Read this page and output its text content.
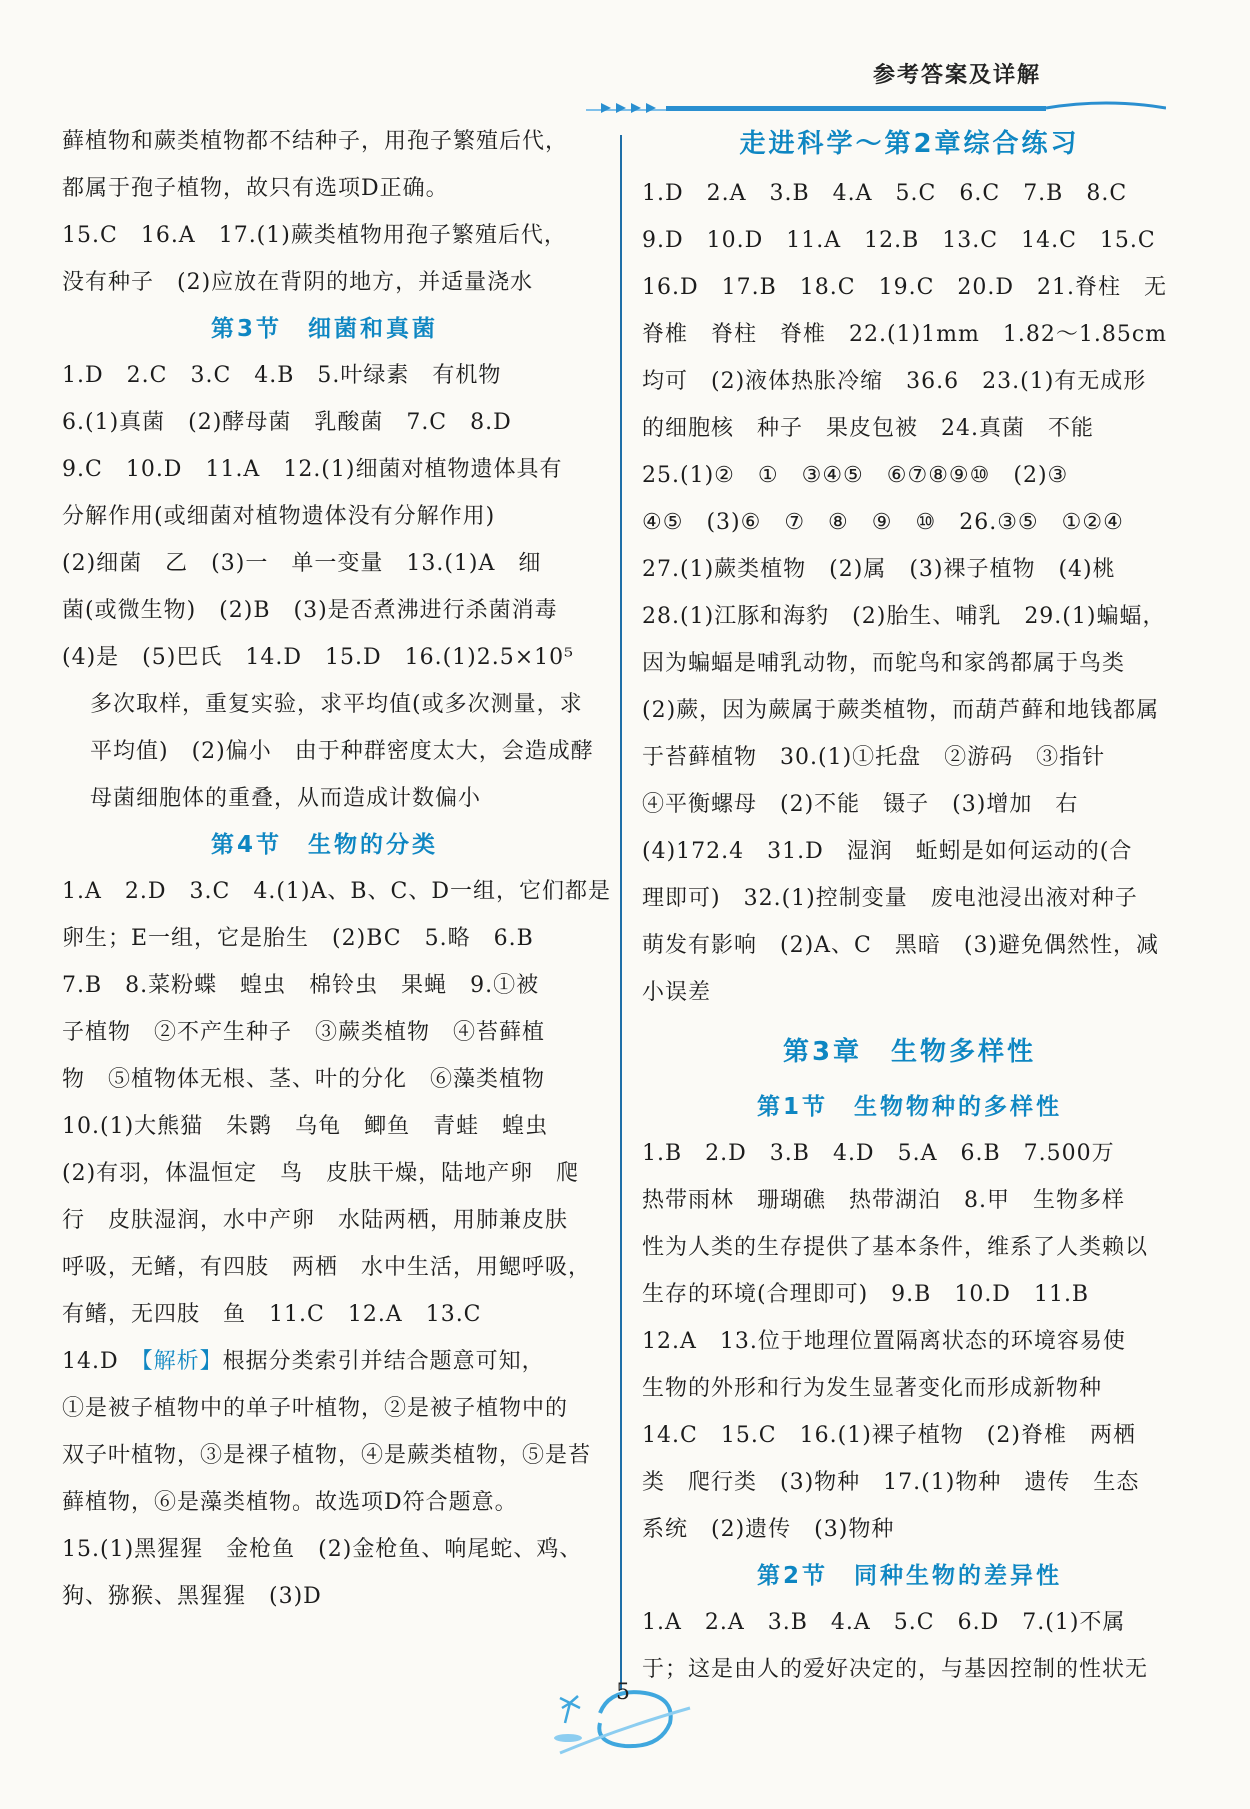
参考答案及详解

藓植物和蕨类植物都不结种子，用孢子繁殖后代，

都属于孢子植物，故只有选项D正确。

15.C　16.A　17.(1)蕨类植物用孢子繁殖后代，

没有种子　(2)应放在背阴的地方，并适量浇水

第3节　细菌和真菌

1.D　2.C　3.C　4.B　5.叶绿素　有机物

6.(1)真菌　(2)酵母菌　乳酸菌　7.C　8.D

9.C　10.D　11.A　12.(1)细菌对植物遗体具有

分解作用(或细菌对植物遗体没有分解作用)

(2)细菌　乙　(3)一　单一变量　13.(1)A　细

菌(或微生物)　(2)B　(3)是否煮沸进行杀菌消毒

(4)是　(5)巴氏　14.D　15.D　16.(1)2.5×10⁵

多次取样，重复实验，求平均值(或多次测量，求

平均值)　(2)偏小　由于种群密度太大，会造成酵

母菌细胞体的重叠，从而造成计数偏小

第4节　生物的分类

1.A　2.D　3.C　4.(1)A、B、C、D一组，它们都是

卵生；E一组，它是胎生　(2)BC　5.略　6.B

7.B　8.菜粉蝶　蝗虫　棉铃虫　果蝇　9.①被

子植物　②不产生种子　③蕨类植物　④苔藓植

物　⑤植物体无根、茎、叶的分化　⑥藻类植物

10.(1)大熊猫　朱鹮　乌龟　鲫鱼　青蛙　蝗虫

(2)有羽，体温恒定　鸟　皮肤干燥，陆地产卵　爬

行　皮肤湿润，水中产卵　水陆两栖，用肺兼皮肤

呼吸，无鳍，有四肢　两栖　水中生活，用鳃呼吸，

有鳍，无四肢　鱼　11.C　12.A　13.C

14.D　【解析】根据分类索引并结合题意可知，

①是被子植物中的单子叶植物，②是被子植物中的

双子叶植物，③是裸子植物，④是蕨类植物，⑤是苔

藓植物，⑥是藻类植物。故选项D符合题意。

15.(1)黑猩猩　金枪鱼　(2)金枪鱼、响尾蛇、鸡、

狗、猕猴、黑猩猩　(3)D

走进科学～第2章综合练习

1.D　2.A　3.B　4.A　5.C　6.C　7.B　8.C

9.D　10.D　11.A　12.B　13.C　14.C　15.C

16.D　17.B　18.C　19.C　20.D　21.脊柱　无

脊椎　脊柱　脊椎　22.(1)1mm　1.82～1.85cm

均可　(2)液体热胀冷缩　36.6　23.(1)有无成形

的细胞核　种子　果皮包被　24.真菌　不能

25.(1)②　①　③④⑤　⑥⑦⑧⑨⑩　(2)③

④⑤　(3)⑥　⑦　⑧　⑨　⑩　26.③⑤　①②④

27.(1)蕨类植物　(2)属　(3)裸子植物　(4)桃

28.(1)江豚和海豹　(2)胎生、哺乳　29.(1)蝙蝠，

因为蝙蝠是哺乳动物，而鸵鸟和家鸽都属于鸟类

(2)蕨，因为蕨属于蕨类植物，而葫芦藓和地钱都属

于苔藓植物　30.(1)①托盘　②游码　③指针

④平衡螺母　(2)不能　镊子　(3)增加　右

(4)172.4　31.D　湿润　蚯蚓是如何运动的(合

理即可)　32.(1)控制变量　废电池浸出液对种子

萌发有影响　(2)A、C　黑暗　(3)避免偶然性，减

小误差

第3章　生物多样性
第1节　生物物种的多样性

1.B　2.D　3.B　4.D　5.A　6.B　7.500万

热带雨林　珊瑚礁　热带湖泊　8.甲　生物多样

性为人类的生存提供了基本条件，维系了人类赖以

生存的环境(合理即可)　9.B　10.D　11.B

12.A　13.位于地理位置隔离状态的环境容易使

生物的外形和行为发生显著变化而形成新物种

14.C　15.C　16.(1)裸子植物　(2)脊椎　两栖

类　爬行类　(3)物种　17.(1)物种　遗传　生态

系统　(2)遗传　(3)物种

第2节　同种生物的差异性

1.A　2.A　3.B　4.A　5.C　6.D　7.(1)不属

于；这是由人的爱好决定的，与基因控制的性状无

5
